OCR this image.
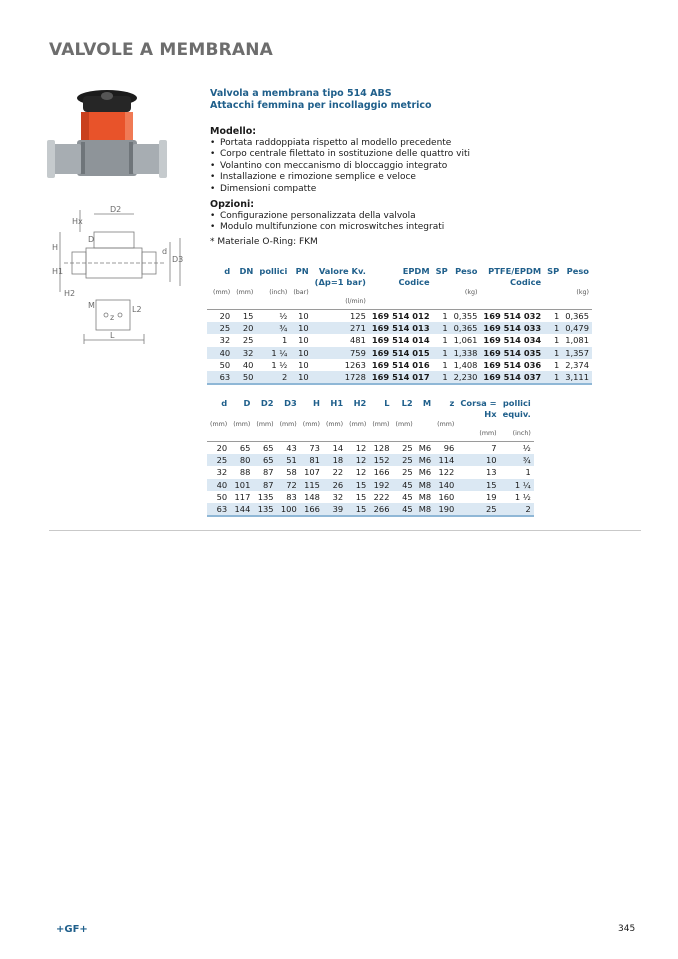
VALVOLE A MEMBRANA
D2
Hx
D
D3
H
H1
H2
d
z
L2
M
L
Valvola a membrana tipo 514 ABS
Attacchi femmina per incollaggio metrico
Modello:
• Portata raddoppiata rispetto al modello precedente
• Corpo centrale filettato in sostituzione delle quattro viti
• Volantino con meccanismo di bloccaggio integrato
• Installazione e rimozione semplice e veloce
• Dimensioni compatte
Opzioni:
• Configurazione personalizzata della valvola
• Modulo multifunzione con microswitches integrati
* Materiale O-Ring: FKM
d	DN	pollici	PN	Valore Kv.	EPDM	SP	Peso	PTFE/EPDM	SP	Peso
				(Δp=1 bar)	Codice			Codice		
(mm)	(mm)	(inch)	(bar)				(kg)			(kg)
				(l/min)						
20	15	½	10	125	169 514 012	1	0,355	169 514 032	1	0,365
25	20	¾	10	271	169 514 013	1	0,365	169 514 033	1	0,479
32	25	1	10	481	169 514 014	1	1,061	169 514 034	1	1,081
40	32	1 ¼	10	759	169 514 015	1	1,338	169 514 035	1	1,357
50	40	1 ½	10	1263	169 514 016	1	1,408	169 514 036	1	2,374
63	50	2	10	1728	169 514 017	1	2,230	169 514 037	1	3,111
d	D	D2	D3	H	H1	H2	L	L2	M	z	Corsa =	pollici
											Hx	equiv.
(mm)	(mm)	(mm)	(mm)	(mm)	(mm)	(mm)	(mm)	(mm)		(mm)		
											(mm)	(inch)
20	65	65	43	73	14	12	128	25	M6	96	7	½
25	80	65	51	81	18	12	152	25	M6	114	10	¾
32	88	87	58	107	22	12	166	25	M6	122	13	1
40	101	87	72	115	26	15	192	45	M8	140	15	1 ¼
50	117	135	83	148	32	15	222	45	M8	160	19	1 ½
63	144	135	100	166	39	15	266	45	M8	190	25	2
+GF+	345
